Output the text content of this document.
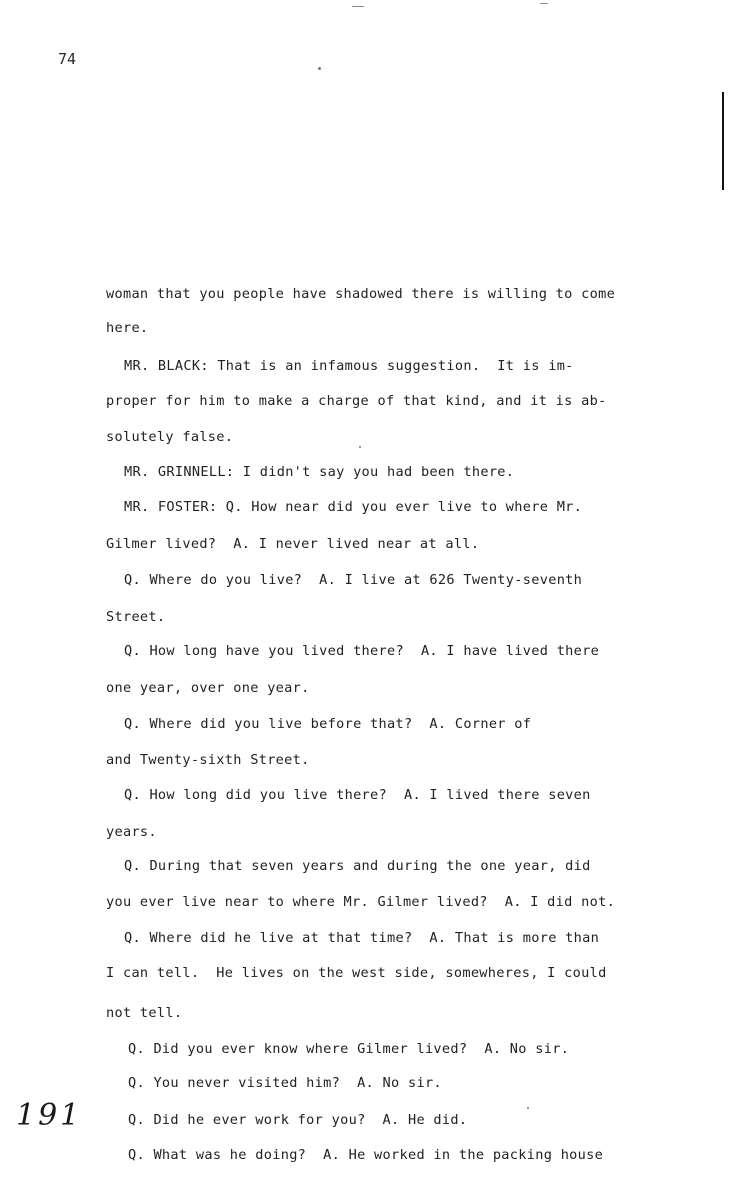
74
woman that you people have shadowed there is willing to come
here.
MR. BLACK: That is an infamous suggestion.  It is im-
proper for him to make a charge of that kind, and it is ab-
solutely false.
MR. GRINNELL: I didn't say you had been there.
MR. FOSTER: Q. How near did you ever live to where Mr.
Gilmer lived?  A. I never lived near at all.
Q. Where do you live?  A. I live at 626 Twenty-seventh
Street.
Q. How long have you lived there?  A. I have lived there
one year, over one year.
Q. Where did you live before that?  A. Corner of
and Twenty-sixth Street.
Q. How long did you live there?  A. I lived there seven
years.
Q. During that seven years and during the one year, did
you ever live near to where Mr. Gilmer lived?  A. I did not.
Q. Where did he live at that time?  A. That is more than
I can tell.  He lives on the west side, somewheres, I could
not tell.
Q. Did you ever know where Gilmer lived?  A. No sir.
Q. You never visited him?  A. No sir.
Q. Did he ever work for you?  A. He did.
Q. What was he doing?  A. He worked in the packing house
191
